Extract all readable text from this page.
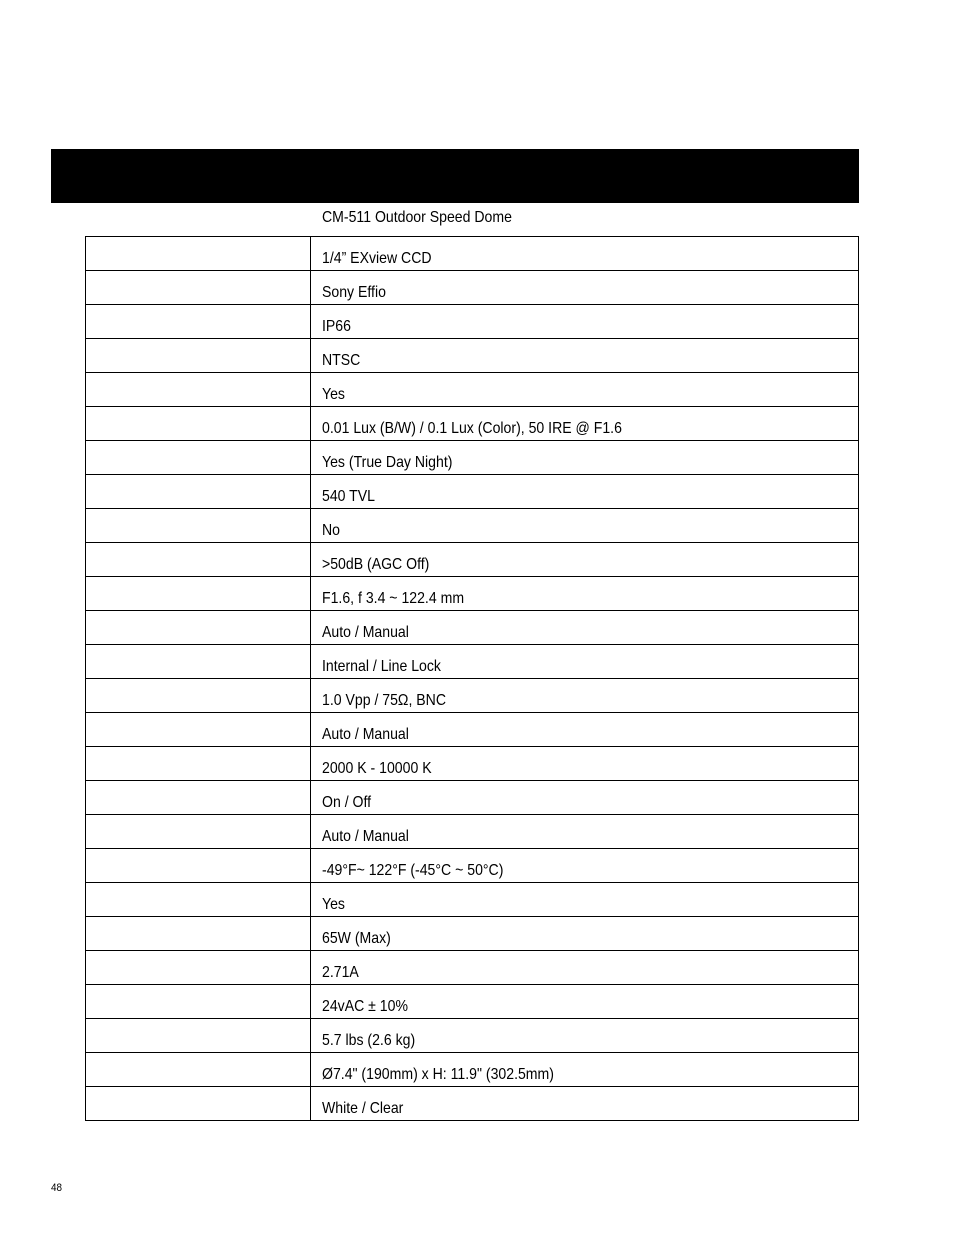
CM-511 Outdoor Speed Dome
	1/4” EXview CCD
	Sony Effio
	IP66
	NTSC
	Yes
	0.01 Lux (B/W) / 0.1 Lux (Color), 50 IRE @ F1.6
	Yes (True Day Night)
	540 TVL
	No
	>50dB (AGC Off)
	F1.6, f 3.4 ~ 122.4 mm
	Auto / Manual
	Internal / Line Lock
	1.0 Vpp / 75Ω, BNC
	Auto / Manual
	2000 K - 10000 K
	On / Off
	Auto / Manual
	-49°F~ 122°F (-45°C ~ 50°C)
	Yes
	65W (Max)
	2.71A
	24vAC ± 10%
	5.7 lbs (2.6 kg)
	Ø7.4" (190mm) x H: 11.9" (302.5mm)
	White / Clear
48
